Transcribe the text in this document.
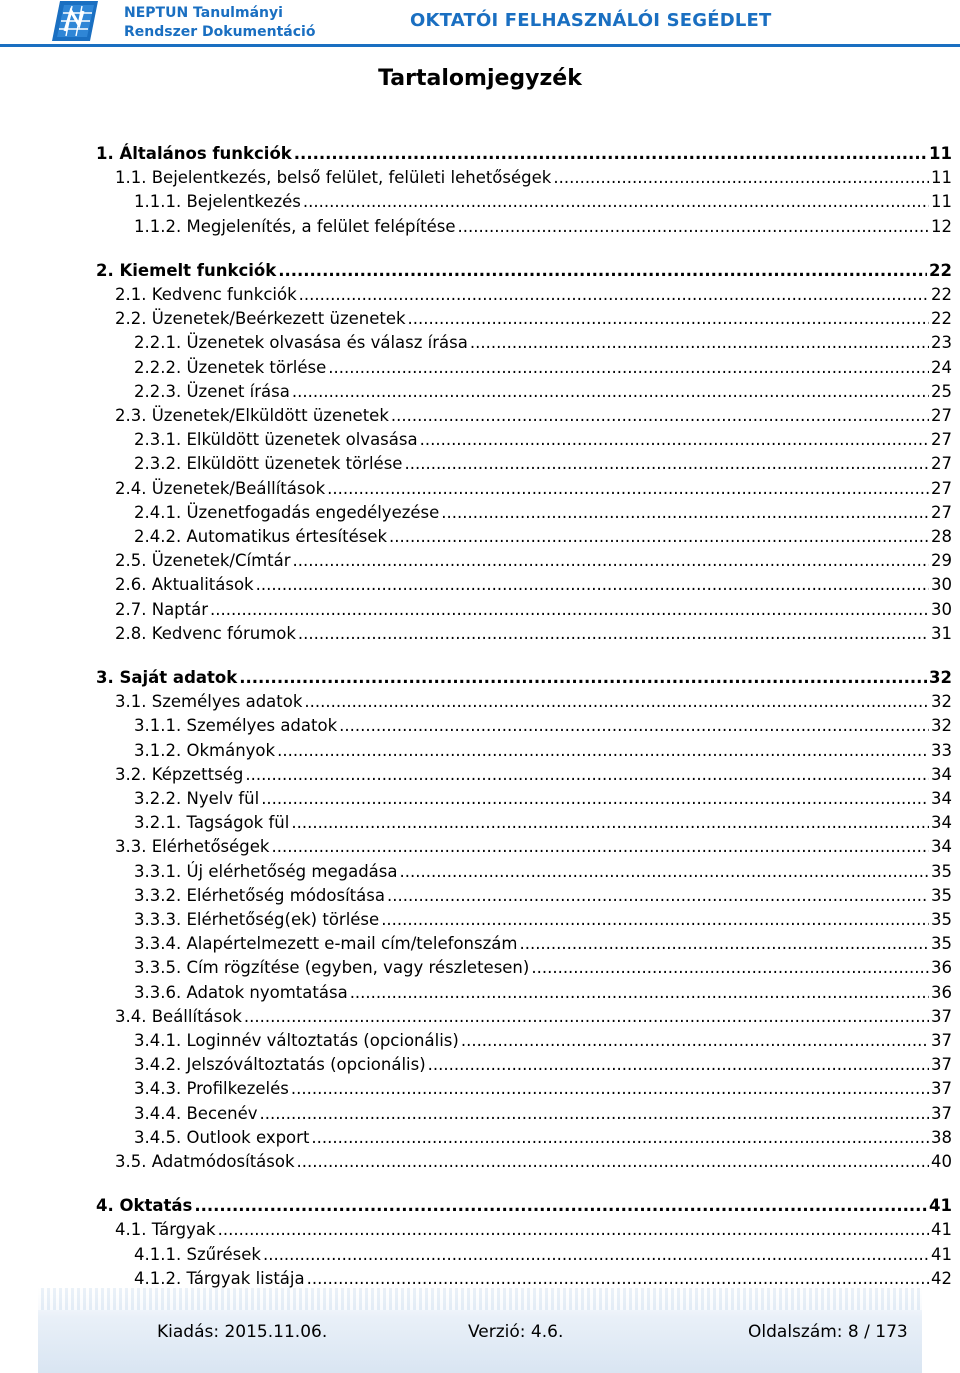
NEPTUN Tanulmányi
Rendszer Dokumentáció
OKTATÓI FELHASZNÁLÓI SEGÉDLET
Tartalomjegyzék
1. Általános funkciók .....	11
1.1. Bejelentkezés, belső felület, felületi lehetőségek .....	11
1.1.1. Bejelentkezés .....	11
1.1.2. Megjelenítés, a felület felépítése .....	12
2. Kiemelt funkciók .....	22
2.1. Kedvenc funkciók .....	22
2.2. Üzenetek/Beérkezett üzenetek .....	22
2.2.1. Üzenetek olvasása és válasz írása .....	23
2.2.2. Üzenetek törlése .....	24
2.2.3. Üzenet írása .....	25
2.3. Üzenetek/Elküldött üzenetek .....	27
2.3.1. Elküldött üzenetek olvasása .....	27
2.3.2. Elküldött üzenetek törlése .....	27
2.4. Üzenetek/Beállítások .....	27
2.4.1. Üzenetfogadás engedélyezése .....	27
2.4.2. Automatikus értesítések .....	28
2.5. Üzenetek/Címtár .....	29
2.6. Aktualitások .....	30
2.7. Naptár .....	30
2.8. Kedvenc fórumok .....	31
3. Saját adatok .....	32
3.1. Személyes adatok .....	32
3.1.1. Személyes adatok .....	32
3.1.2. Okmányok .....	33
3.2. Képzettség .....	34
3.2.2. Nyelv fül .....	34
3.2.1. Tagságok fül .....	34
3.3. Elérhetőségek .....	34
3.3.1. Új elérhetőség megadása .....	35
3.3.2. Elérhetőség módosítása .....	35
3.3.3. Elérhetőség(ek) törlése .....	35
3.3.4. Alapértelmezett e-mail cím/telefonszám .....	35
3.3.5. Cím rögzítése (egyben, vagy részletesen) .....	36
3.3.6. Adatok nyomtatása .....	36
3.4. Beállítások .....	37
3.4.1. Loginnév változtatás (opcionális) .....	37
3.4.2. Jelszóváltoztatás (opcionális) .....	37
3.4.3. Profilkezelés .....	37
3.4.4. Becenév .....	37
3.4.5. Outlook export .....	38
3.5. Adatmódosítások .....	40
4. Oktatás .....	41
4.1. Tárgyak .....	41
4.1.1. Szűrések .....	41
4.1.2. Tárgyak listája .....	42
Kiadás: 2015.11.06.	Verzió: 4.6.	Oldalszám: 8 / 173
